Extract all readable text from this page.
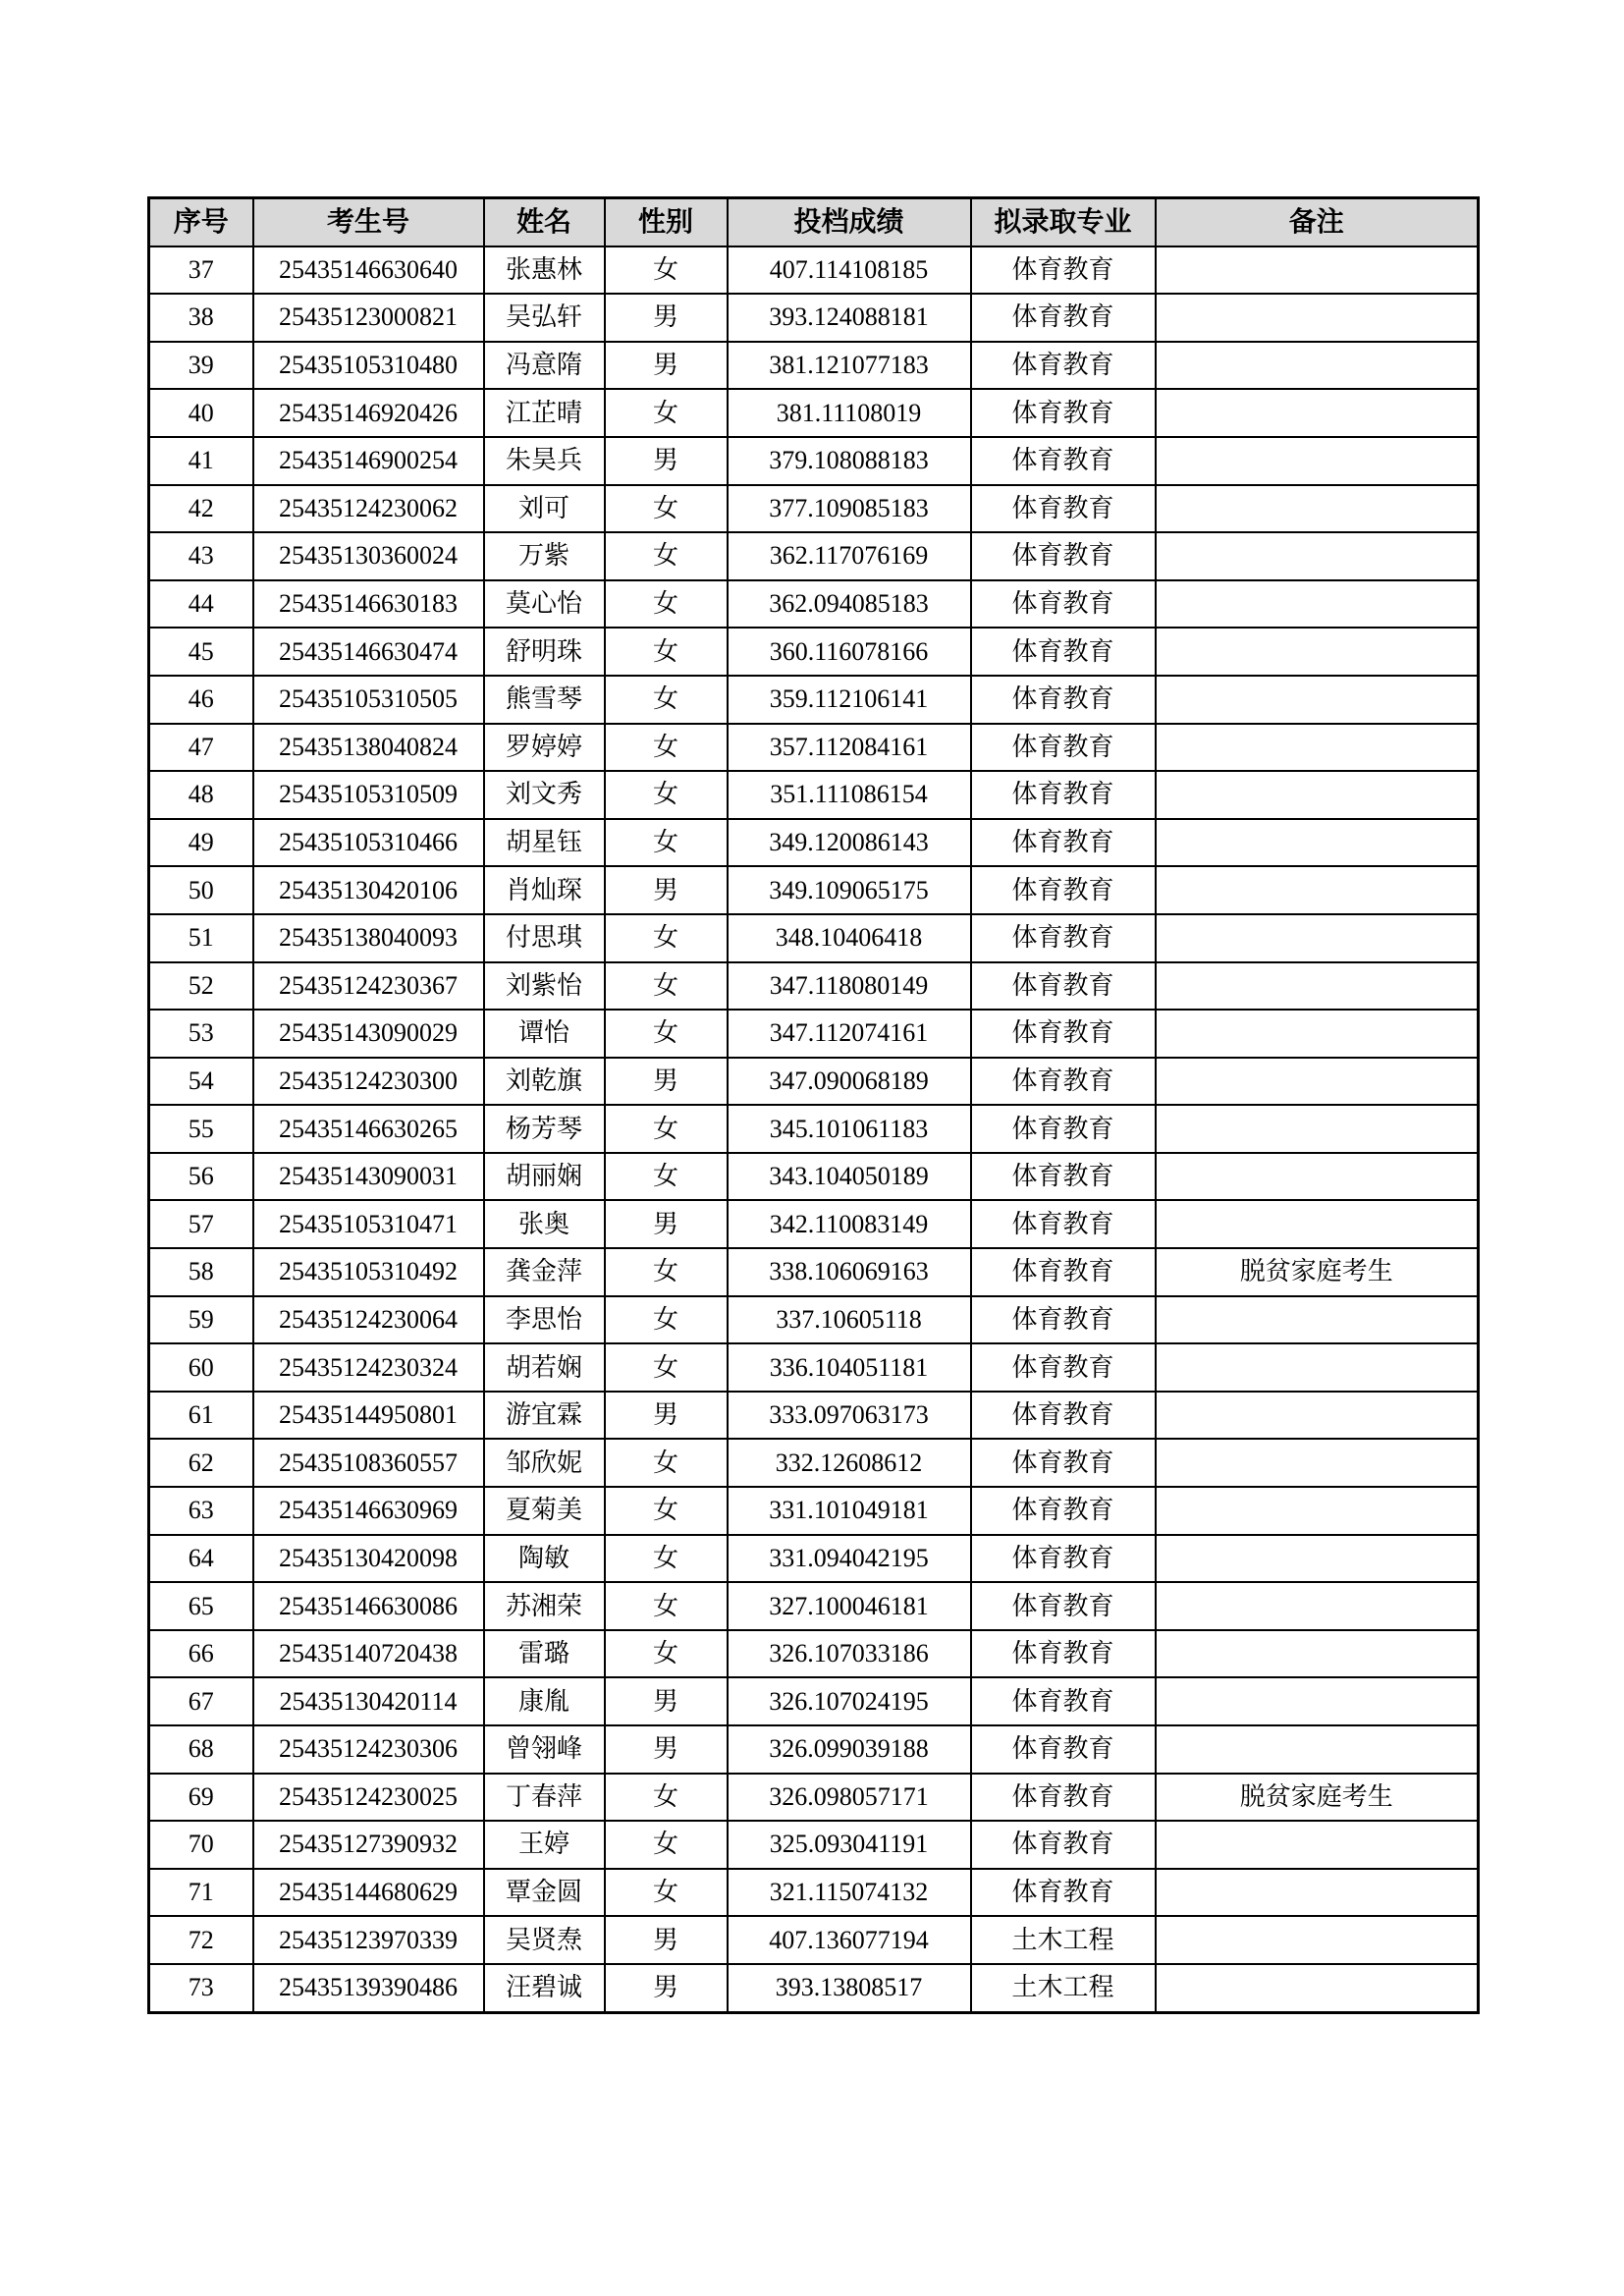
序号	考生号	姓名	性别	投档成绩	拟录取专业	备注
37	25435146630640	张惠林	女	407.114108185	体育教育	
38	25435123000821	吴弘轩	男	393.124088181	体育教育	
39	25435105310480	冯意隋	男	381.121077183	体育教育	
40	25435146920426	江芷晴	女	381.11108019	体育教育	
41	25435146900254	朱昊兵	男	379.108088183	体育教育	
42	25435124230062	刘可	女	377.109085183	体育教育	
43	25435130360024	万紫	女	362.117076169	体育教育	
44	25435146630183	莫心怡	女	362.094085183	体育教育	
45	25435146630474	舒明珠	女	360.116078166	体育教育	
46	25435105310505	熊雪琴	女	359.112106141	体育教育	
47	25435138040824	罗婷婷	女	357.112084161	体育教育	
48	25435105310509	刘文秀	女	351.111086154	体育教育	
49	25435105310466	胡星钰	女	349.120086143	体育教育	
50	25435130420106	肖灿琛	男	349.109065175	体育教育	
51	25435138040093	付思琪	女	348.10406418	体育教育	
52	25435124230367	刘紫怡	女	347.118080149	体育教育	
53	25435143090029	谭怡	女	347.112074161	体育教育	
54	25435124230300	刘乾旗	男	347.090068189	体育教育	
55	25435146630265	杨芳琴	女	345.101061183	体育教育	
56	25435143090031	胡丽娴	女	343.104050189	体育教育	
57	25435105310471	张奥	男	342.110083149	体育教育	
58	25435105310492	龚金萍	女	338.106069163	体育教育	脱贫家庭考生
59	25435124230064	李思怡	女	337.10605118	体育教育	
60	25435124230324	胡若娴	女	336.104051181	体育教育	
61	25435144950801	游宜霖	男	333.097063173	体育教育	
62	25435108360557	邹欣妮	女	332.12608612	体育教育	
63	25435146630969	夏菊美	女	331.101049181	体育教育	
64	25435130420098	陶敏	女	331.094042195	体育教育	
65	25435146630086	苏湘荣	女	327.100046181	体育教育	
66	25435140720438	雷璐	女	326.107033186	体育教育	
67	25435130420114	康胤	男	326.107024195	体育教育	
68	25435124230306	曾翎峰	男	326.099039188	体育教育	
69	25435124230025	丁春萍	女	326.098057171	体育教育	脱贫家庭考生
70	25435127390932	王婷	女	325.093041191	体育教育	
71	25435144680629	覃金圆	女	321.115074132	体育教育	
72	25435123970339	吴贤焘	男	407.136077194	土木工程	
73	25435139390486	汪碧诚	男	393.13808517	土木工程	
